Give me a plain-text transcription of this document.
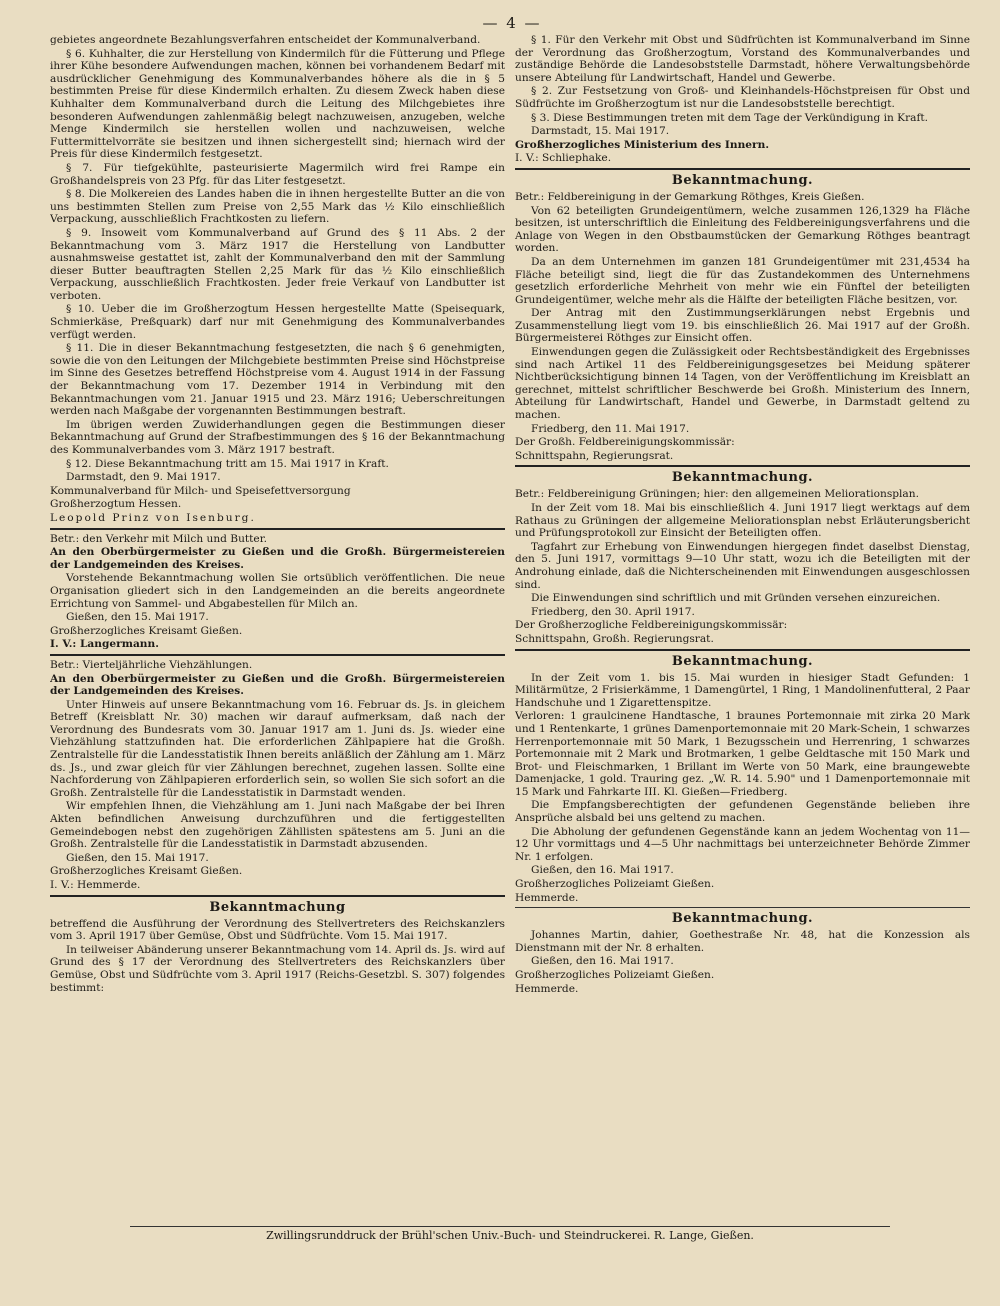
— 4 —

gebietes angeordnete Bezahlungsverfahren entscheidet der Kommunalverband.

§ 6. Kuhhalter, die zur Herstellung von Kindermilch für die Fütterung und Pflege ihrer Kühe besondere Aufwendungen machen, können bei vorhandenem Bedarf mit ausdrücklicher Genehmigung des Kommunalverbandes höhere als die in § 5 bestimmten Preise für diese Kindermilch erhalten. Zu diesem Zweck haben diese Kuhhalter dem Kommunalverband durch die Leitung des Milchgebietes ihre besonderen Aufwendungen zahlenmäßig belegt nachzuweisen, anzugeben, welche Menge Kindermilch sie herstellen wollen und nachzuweisen, welche Futtermittelvorräte sie besitzen und ihnen sichergestellt sind; hiernach wird der Preis für diese Kindermilch festgesetzt.

§ 7. Für tiefgekühlte, pasteurisierte Magermilch wird frei Rampe ein Großhandelspreis von 23 Pfg. für das Liter festgesetzt.

§ 8. Die Molkereien des Landes haben die in ihnen hergestellte Butter an die von uns bestimmten Stellen zum Preise von 2,55 Mark das ½ Kilo einschließlich Verpackung, ausschließlich Frachtkosten zu liefern.

§ 9. Insoweit vom Kommunalverband auf Grund des § 11 Abs. 2 der Bekanntmachung vom 3. März 1917 die Herstellung von Landbutter ausnahmsweise gestattet ist, zahlt der Kommunalverband den mit der Sammlung dieser Butter beauftragten Stellen 2,25 Mark für das ½ Kilo einschließlich Verpackung, ausschließlich Frachtkosten. Jeder freie Verkauf von Landbutter ist verboten.

§ 10. Ueber die im Großherzogtum Hessen hergestellte Matte (Speisequark, Schmierkäse, Preßquark) darf nur mit Genehmigung des Kommunalverbandes verfügt werden.

§ 11. Die in dieser Bekanntmachung festgesetzten, die nach § 6 genehmigten, sowie die von den Leitungen der Milchgebiete bestimmten Preise sind Höchstpreise im Sinne des Gesetzes betreffend Höchstpreise vom 4. August 1914 in der Fassung der Bekanntmachung vom 17. Dezember 1914 in Verbindung mit den Bekanntmachungen vom 21. Januar 1915 und 23. März 1916; Ueberschreitungen werden nach Maßgabe der vorgenannten Bestimmungen bestraft.

Im übrigen werden Zuwiderhandlungen gegen die Bestimmungen dieser Bekanntmachung auf Grund der Strafbestimmungen des § 16 der Bekanntmachung des Kommunalverbandes vom 3. März 1917 bestraft.

§ 12. Diese Bekanntmachung tritt am 15. Mai 1917 in Kraft.

Darmstadt, den 9. Mai 1917.

Kommunalverband für Milch- und Speisefettversorgung

Großherzogtum Hessen.

Leopold Prinz von Isenburg.

Betr.: den Verkehr mit Milch und Butter.

An den Oberbürgermeister zu Gießen und die Großh. Bürgermeistereien der Landgemeinden des Kreises.

Vorstehende Bekanntmachung wollen Sie ortsüblich veröffentlichen. Die neue Organisation gliedert sich in den Landgemeinden an die bereits angeordnete Errichtung von Sammel- und Abgabestellen für Milch an.

Gießen, den 15. Mai 1917.

Großherzogliches Kreisamt Gießen.

I. V.: Langermann.

Betr.: Vierteljährliche Viehzählungen.

An den Oberbürgermeister zu Gießen und die Großh. Bürgermeistereien der Landgemeinden des Kreises.

Unter Hinweis auf unsere Bekanntmachung vom 16. Februar ds. Js. in gleichem Betreff (Kreisblatt Nr. 30) machen wir darauf aufmerksam, daß nach der Verordnung des Bundesrats vom 30. Januar 1917 am 1. Juni ds. Js. wieder eine Viehzählung stattzufinden hat. Die erforderlichen Zählpapiere hat die Großh. Zentralstelle für die Landesstatistik Ihnen bereits anläßlich der Zählung am 1. März ds. Js., und zwar gleich für vier Zählungen berechnet, zugehen lassen. Sollte eine Nachforderung von Zählpapieren erforderlich sein, so wollen Sie sich sofort an die Großh. Zentralstelle für die Landesstatistik in Darmstadt wenden.

Wir empfehlen Ihnen, die Viehzählung am 1. Juni nach Maßgabe der bei Ihren Akten befindlichen Anweisung durchzuführen und die fertiggestellten Gemeindebogen nebst den zugehörigen Zähllisten spätestens am 5. Juni an die Großh. Zentralstelle für die Landesstatistik in Darmstadt abzusenden.

Gießen, den 15. Mai 1917.

Großherzogliches Kreisamt Gießen.

I. V.: Hemmerde.

Bekanntmachung

betreffend die Ausführung der Verordnung des Stellvertreters des Reichskanzlers vom 3. April 1917 über Gemüse, Obst und Südfrüchte. Vom 15. Mai 1917.

In teilweiser Abänderung unserer Bekanntmachung vom 14. April ds. Js. wird auf Grund des § 17 der Verordnung des Stellvertreters des Reichskanzlers über Gemüse, Obst und Südfrüchte vom 3. April 1917 (Reichs-Gesetzbl. S. 307) folgendes bestimmt:

§ 1. Für den Verkehr mit Obst und Südfrüchten ist Kommunalverband im Sinne der Verordnung das Großherzogtum, Vorstand des Kommunalverbandes und zuständige Behörde die Landesobststelle Darmstadt, höhere Verwaltungsbehörde unsere Abteilung für Landwirtschaft, Handel und Gewerbe.

§ 2. Zur Festsetzung von Groß- und Kleinhandels-Höchstpreisen für Obst und Südfrüchte im Großherzogtum ist nur die Landesobststelle berechtigt.

§ 3. Diese Bestimmungen treten mit dem Tage der Verkündigung in Kraft.

Darmstadt, 15. Mai 1917.

Großherzogliches Ministerium des Innern.

I. V.: Schliephake.

Bekanntmachung.

Betr.: Feldbereinigung in der Gemarkung Röthges, Kreis Gießen.

Von 62 beteiligten Grundeigentümern, welche zusammen 126,1329 ha Fläche besitzen, ist unterschriftlich die Einleitung des Feldbereinigungsverfahrens und die Anlage von Wegen in den Obstbaumstücken der Gemarkung Röthges beantragt worden.

Da an dem Unternehmen im ganzen 181 Grundeigentümer mit 231,4534 ha Fläche beteiligt sind, liegt die für das Zustandekommen des Unternehmens gesetzlich erforderliche Mehrheit von mehr wie ein Fünftel der beteiligten Grundeigentümer, welche mehr als die Hälfte der beteiligten Fläche besitzen, vor.

Der Antrag mit den Zustimmungserklärungen nebst Ergebnis und Zusammenstellung liegt vom 19. bis einschließlich 26. Mai 1917 auf der Großh. Bürgermeisterei Röthges zur Einsicht offen.

Einwendungen gegen die Zulässigkeit oder Rechtsbeständigkeit des Ergebnisses sind nach Artikel 11 des Feldbereinigungsgesetzes bei Meidung späterer Nichtberücksichtigung binnen 14 Tagen, von der Veröffentlichung im Kreisblatt an gerechnet, mittelst schriftlicher Beschwerde bei Großh. Ministerium des Innern, Abteilung für Landwirtschaft, Handel und Gewerbe, in Darmstadt geltend zu machen.

Friedberg, den 11. Mai 1917.

Der Großh. Feldbereinigungskommissär:

Schnittspahn, Regierungsrat.

Bekanntmachung.

Betr.: Feldbereinigung Grüningen; hier: den allgemeinen Meliorationsplan.

In der Zeit vom 18. Mai bis einschließlich 4. Juni 1917 liegt werktags auf dem Rathaus zu Grüningen der allgemeine Meliorationsplan nebst Erläuterungsbericht und Prüfungsprotokoll zur Einsicht der Beteiligten offen.

Tagfahrt zur Erhebung von Einwendungen hiergegen findet daselbst Dienstag, den 5. Juni 1917, vormittags 9—10 Uhr statt, wozu ich die Beteiligten mit der Androhung einlade, daß die Nichterscheinenden mit Einwendungen ausgeschlossen sind.

Die Einwendungen sind schriftlich und mit Gründen versehen einzureichen.

Friedberg, den 30. April 1917.

Der Großherzogliche Feldbereinigungskommissär:

Schnittspahn, Großh. Regierungsrat.

Bekanntmachung.

In der Zeit vom 1. bis 15. Mai wurden in hiesiger Stadt Gefunden: 1 Militärmütze, 2 Frisierkämme, 1 Damengürtel, 1 Ring, 1 Mandolinenfutteral, 2 Paar Handschuhe und 1 Zigarettenspitze.

Verloren: 1 graulcinene Handtasche, 1 braunes Portemonnaie mit zirka 20 Mark und 1 Rentenkarte, 1 grünes Damenportemonnaie mit 20 Mark-Schein, 1 schwarzes Herrenportemonnaie mit 50 Mark, 1 Bezugsschein und Herrenring, 1 schwarzes Portemonnaie mit 2 Mark und Brotmarken, 1 gelbe Geldtasche mit 150 Mark und Brot- und Fleischmarken, 1 Brillant im Werte von 50 Mark, eine braungewebte Damenjacke, 1 gold. Trauring gez. „W. R. 14. 5.90" und 1 Damenportemonnaie mit 15 Mark und Fahrkarte III. Kl. Gießen—Friedberg.

Die Empfangsberechtigten der gefundenen Gegenstände belieben ihre Ansprüche alsbald bei uns geltend zu machen.

Die Abholung der gefundenen Gegenstände kann an jedem Wochentag von 11—12 Uhr vormittags und 4—5 Uhr nachmittags bei unterzeichneter Behörde Zimmer Nr. 1 erfolgen.

Gießen, den 16. Mai 1917.

Großherzogliches Polizeiamt Gießen.

Hemmerde.

Bekanntmachung.

Johannes Martin, dahier, Goethestraße Nr. 48, hat die Konzession als Dienstmann mit der Nr. 8 erhalten.

Gießen, den 16. Mai 1917.

Großherzogliches Polizeiamt Gießen.

Hemmerde.

Zwillingsrunddruck der Brühl'schen Univ.-Buch- und Steindruckerei. R. Lange, Gießen.
